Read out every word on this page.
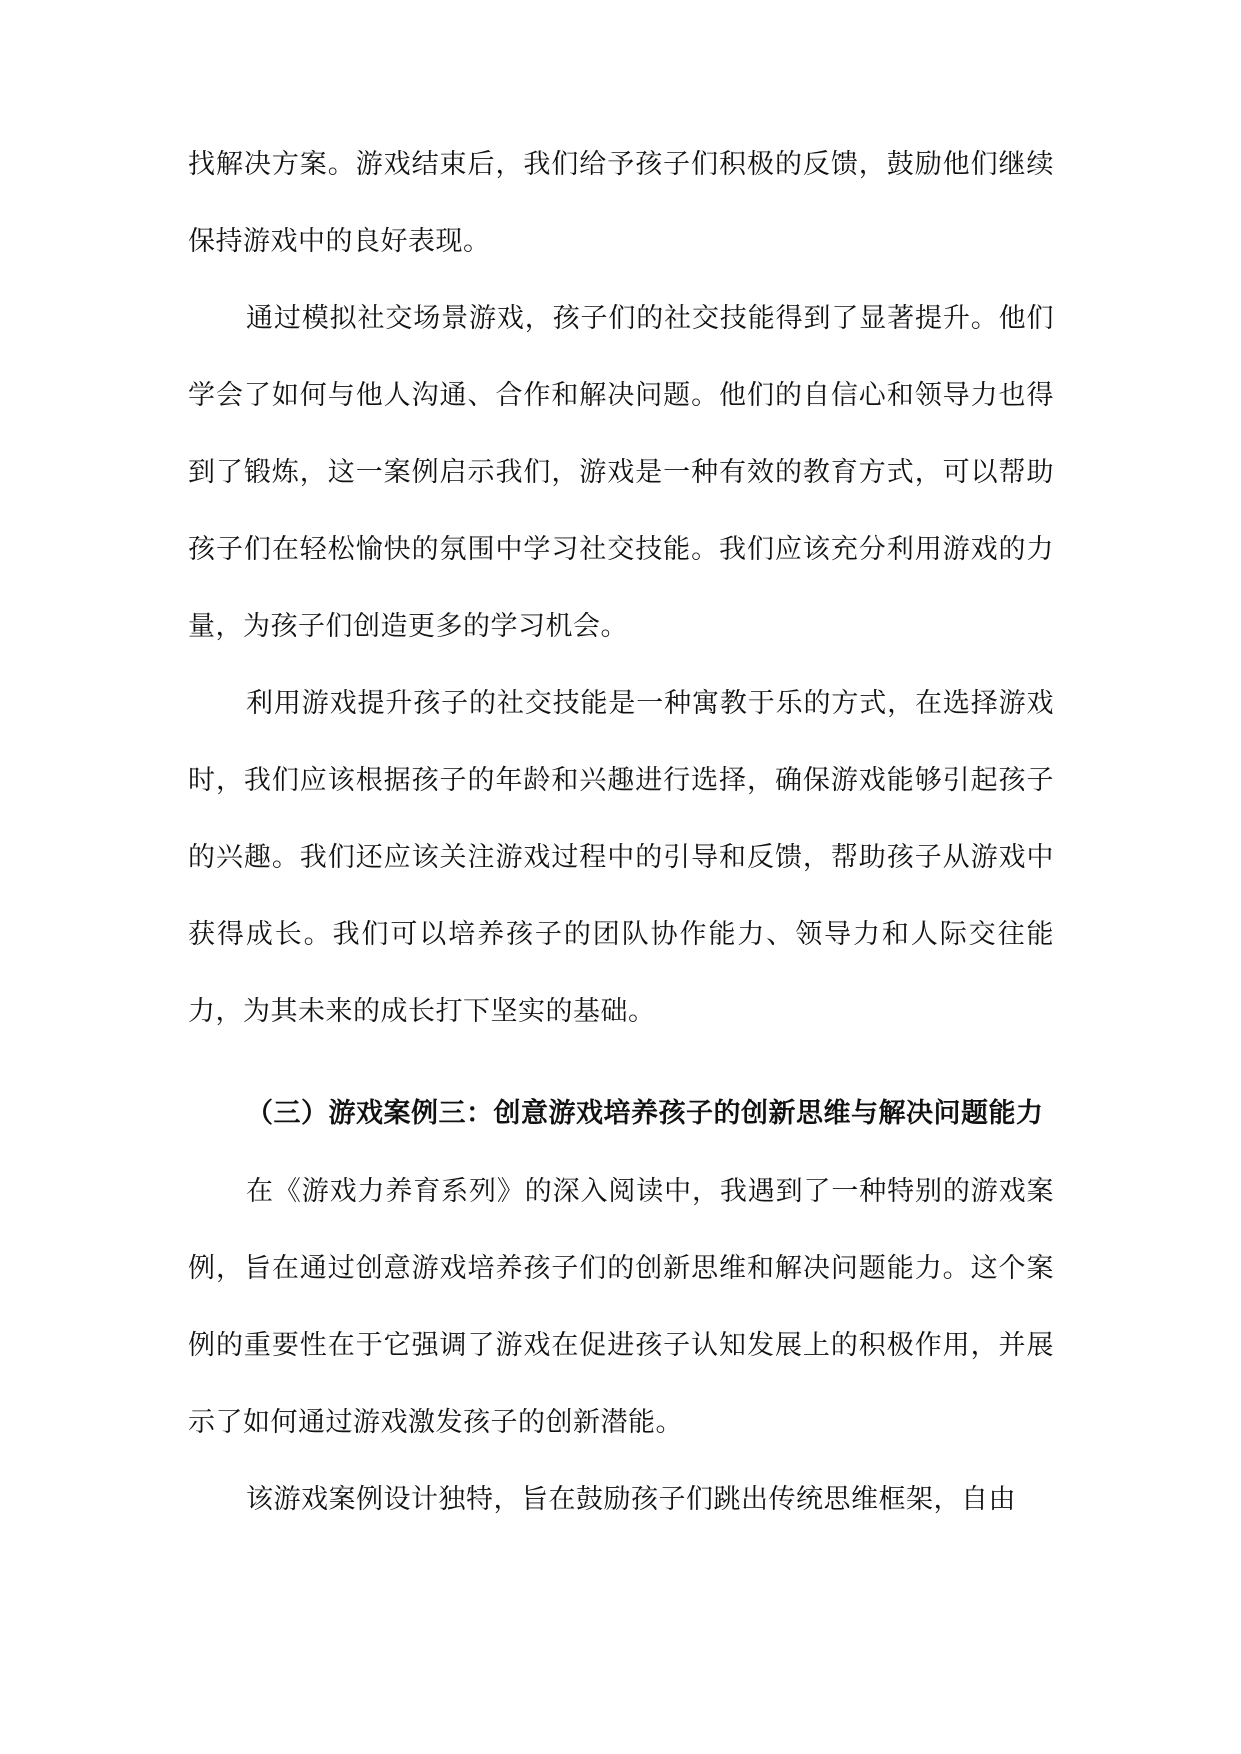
找解决方案。游戏结束后，我们给予孩子们积极的反馈，鼓励他们继续保持游戏中的良好表现。

通过模拟社交场景游戏，孩子们的社交技能得到了显著提升。他们学会了如何与他人沟通、合作和解决问题。他们的自信心和领导力也得到了锻炼，这一案例启示我们，游戏是一种有效的教育方式，可以帮助孩子们在轻松愉快的氛围中学习社交技能。我们应该充分利用游戏的力量，为孩子们创造更多的学习机会。

利用游戏提升孩子的社交技能是一种寓教于乐的方式，在选择游戏时，我们应该根据孩子的年龄和兴趣进行选择，确保游戏能够引起孩子的兴趣。我们还应该关注游戏过程中的引导和反馈，帮助孩子从游戏中获得成长。我们可以培养孩子的团队协作能力、领导力和人际交往能力，为其未来的成长打下坚实的基础。

（三）游戏案例三：创意游戏培养孩子的创新思维与解决问题能力

在《游戏力养育系列》的深入阅读中，我遇到了一种特别的游戏案例，旨在通过创意游戏培养孩子们的创新思维和解决问题能力。这个案例的重要性在于它强调了游戏在促进孩子认知发展上的积极作用，并展示了如何通过游戏激发孩子的创新潜能。

该游戏案例设计独特，旨在鼓励孩子们跳出传统思维框架，自由
